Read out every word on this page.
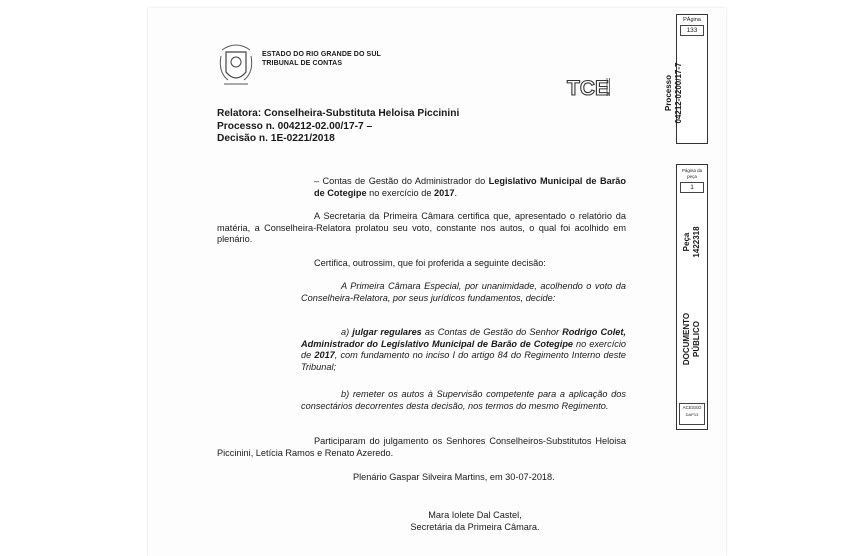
ESTADO DO RIO GRANDE DO SUL
TRIBUNAL DE CONTAS
TCE
Relatora: Conselheira-Substituta Heloisa Piccinini
Processo n. 004212-02.00/17-7 –
Decisão n. 1E-0221/2018
– Contas de Gestão do Administrador do Legislativo Municipal de Barão de Cotegipe no exercício de 2017.
A Secretaria da Primeira Câmara certifica que, apresentado o relatório da matéria, a Conselheira-Relatora prolatou seu voto, constante nos autos, o qual foi acolhido em plenário.
Certifica, outrossim, que foi proferida a seguinte decisão:
A Primeira Câmara Especial, por unanimidade, acolhendo o voto da Conselheira-Relatora, por seus jurídicos fundamentos, decide:
a) julgar regulares as Contas de Gestão do Senhor Rodrigo Colet, Administrador do Legislativo Municipal de Barão de Cotegipe no exercício de 2017, com fundamento no inciso I do artigo 84 do Regimento Interno deste Tribunal;
b) remeter os autos à Supervisão competente para a aplicação dos consectários decorrentes desta decisão, nos termos do mesmo Regimento.
Participaram do julgamento os Senhores Conselheiros-Substitutos Heloisa Piccinini, Letícia Ramos e Renato Azeredo.
Plenário Gaspar Silveira Martins, em 30-07-2018.
Mara Iolete Dal Castel,
Secretária da Primeira Câmara.
PÁgina
133
Processo 04212-0200/17-7
Página da
peça
1
Peça 1422318
DOCUMENTO PÚBLICO
ACESSO
DAP13
